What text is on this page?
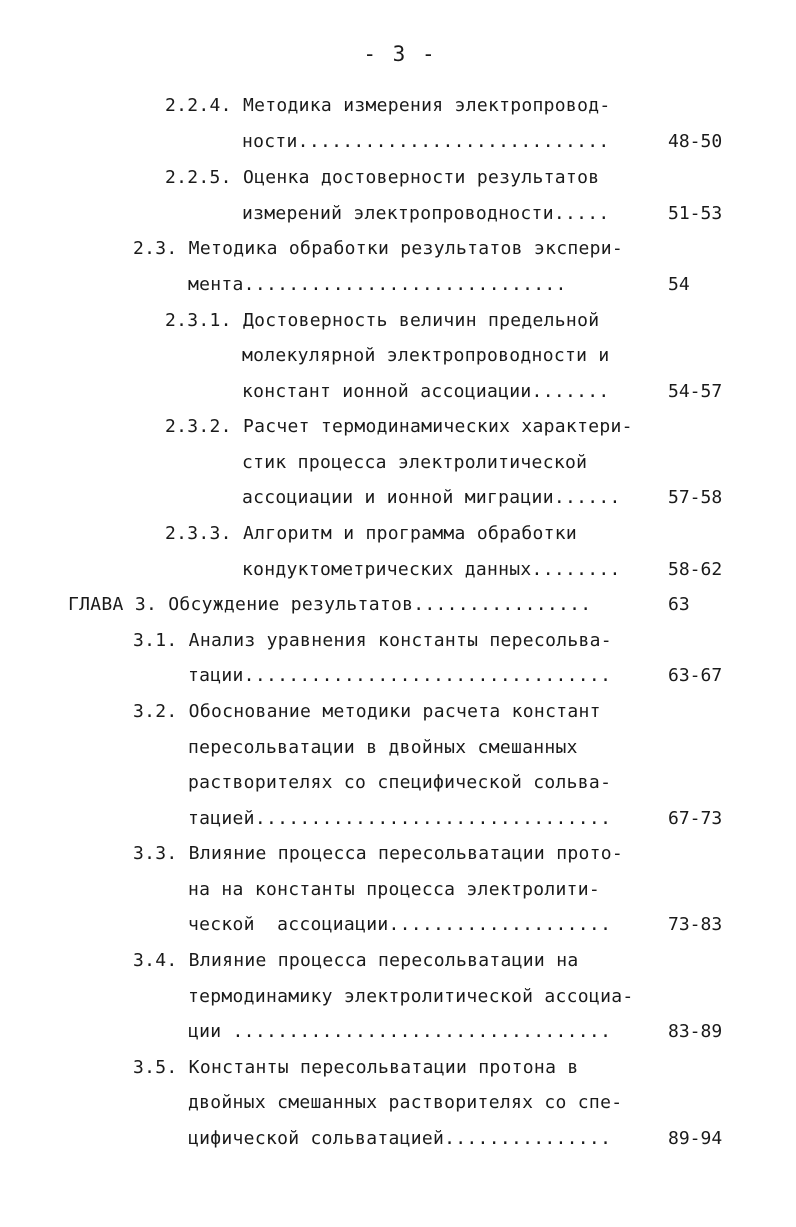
- 3 -
2.2.4. Методика измерения электропровод-
ности............................	48-50
2.2.5. Оценка достоверности результатов
измерений электропроводности.....	51-53
2.3. Методика обработки результатов экспери-
мента.............................	54
2.3.1. Достоверность величин предельной
молекулярной электропроводности и
констант ионной ассоциации.......	54-57
2.3.2. Расчет термодинамических характери-
стик процесса электролитической
ассоциации и ионной миграции......	57-58
2.3.3. Алгоритм и программа обработки
кондуктометрических данных........	58-62
ГЛАВА 3. Обсуждение результатов................	63
3.1. Анализ уравнения константы пересольва-
тации.................................	63-67
3.2. Обоснование методики расчета констант
пересольватации в двойных смешанных
растворителях со специфической сольва-
тацией................................	67-73
3.3. Влияние процесса пересольватации прото-
на на константы процесса электролити-
ческой  ассоциации....................	73-83
3.4. Влияние процесса пересольватации на
термодинамику электролитической ассоциа-
ции ..................................	83-89
3.5. Константы пересольватации протона в
двойных смешанных растворителях со спе-
цифической сольватацией...............	89-94
